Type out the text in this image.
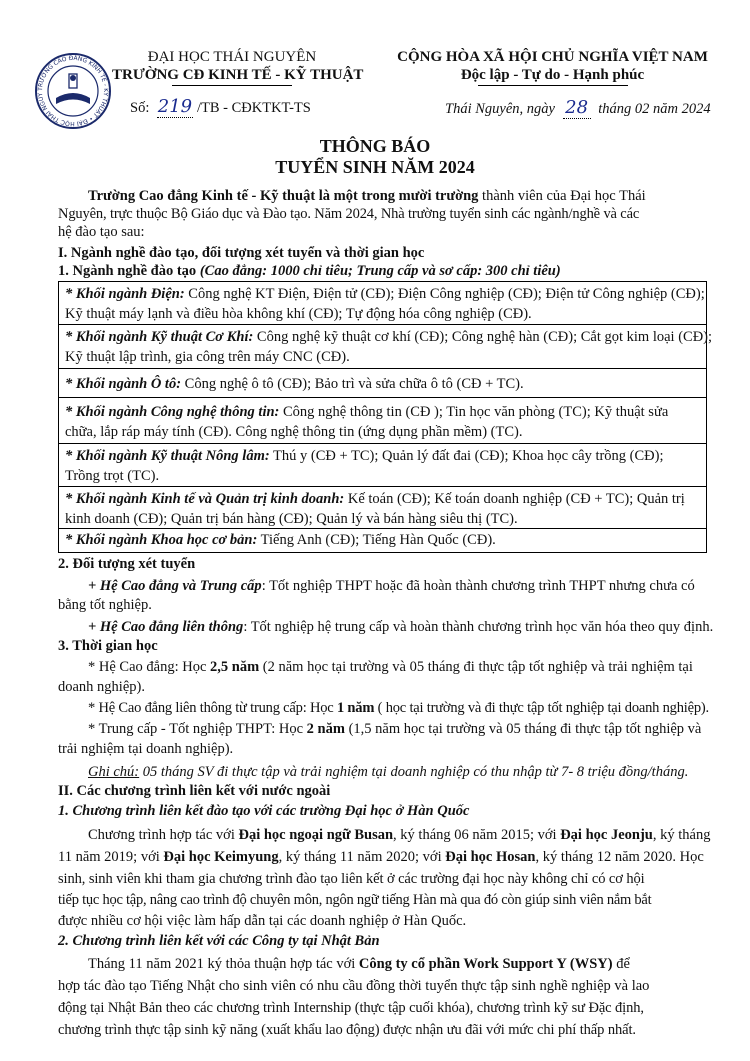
TRƯỜNG CAO ĐẲNG KINH TẾ - KỸ THUẬT • ĐẠI HỌC THÁI NGUY
ĐẠI HỌC THÁI NGUYÊN
TRƯỜNG CĐ KINH TẾ - KỸ THUẬT
Số: 219 /TB - CĐKTKT-TS
CỘNG HÒA XÃ HỘI CHỦ NGHĨA VIỆT NAM
Độc lập - Tự do - Hạnh phúc
Thái Nguyên, ngày 28 tháng 02 năm 2024
THÔNG BÁO
TUYỂN SINH NĂM 2024

Trường Cao đẳng Kinh tế - Kỹ thuật là một trong mười trường thành viên của Đại học Thái

Nguyên, trực thuộc Bộ Giáo dục và Đào tạo. Năm 2024, Nhà trường tuyển sinh các ngành/nghề và các

hệ đào tạo sau:

I. Ngành nghề đào tạo, đối tượng xét tuyển và thời gian học

1. Ngành nghề đào tạo (Cao đẳng: 1000 chỉ tiêu; Trung cấp và sơ cấp: 300 chỉ tiêu)

* Khối ngành Điện: Công nghệ KT Điện, Điện tử (CĐ); Điện Công nghiệp (CĐ); Điện tử Công nghiệp (CĐ);
Kỹ thuật máy lạnh và điều hòa không khí (CĐ); Tự động hóa công nghiệp (CĐ).
* Khối ngành Kỹ thuật Cơ Khí: Công nghệ kỹ thuật cơ khí (CĐ); Công nghệ hàn (CĐ); Cắt gọt kim loại (CĐ);
Kỹ thuật lập trình, gia công trên máy CNC (CĐ).
* Khối ngành Ô tô: Công nghệ ô tô (CĐ); Bảo trì và sửa chữa ô tô (CĐ + TC).
* Khối ngành Công nghệ thông tin: Công nghệ thông tin (CĐ ); Tin học văn phòng (TC); Kỹ thuật sửa
chữa, lắp ráp máy tính (CĐ). Công nghệ thông tin (ứng dụng phần mềm) (TC).
* Khối ngành Kỹ thuật Nông lâm: Thú y (CĐ + TC); Quản lý đất đai (CĐ); Khoa học cây trồng (CĐ);
Trồng trọt (TC).
* Khối ngành Kinh tế và Quản trị kinh doanh: Kế toán (CĐ); Kế toán doanh nghiệp (CĐ + TC); Quản trị
kinh doanh (CĐ); Quản trị bán hàng (CĐ); Quản lý và bán hàng siêu thị (TC).
* Khối ngành Khoa học cơ bản: Tiếng Anh (CĐ); Tiếng Hàn Quốc (CĐ).

2. Đối tượng xét tuyển

+ Hệ Cao đẳng và Trung cấp: Tốt nghiệp THPT hoặc đã hoàn thành chương trình THPT nhưng chưa có

bằng tốt nghiệp.

+ Hệ Cao đẳng liên thông: Tốt nghiệp hệ trung cấp và hoàn thành chương trình học văn hóa theo quy định.

3. Thời gian học

* Hệ Cao đẳng: Học 2,5 năm (2 năm học tại trường và 05 tháng đi thực tập tốt nghiệp và trải nghiệm tại

doanh nghiệp).

* Hệ Cao đẳng liên thông từ trung cấp: Học 1 năm ( học tại trường và đi thực tập tốt nghiệp tại doanh nghiệp).

* Trung cấp - Tốt nghiệp THPT: Học 2 năm (1,5 năm học tại trường và 05 tháng đi thực tập tốt nghiệp và

trải nghiệm tại doanh nghiệp).

Ghi chú: 05 tháng SV đi thực tập và trải nghiệm tại doanh nghiệp có thu nhập từ 7- 8 triệu đồng/tháng.

II. Các chương trình liên kết với nước ngoài

1. Chương trình liên kết đào tạo với các trường Đại học ở Hàn Quốc

Chương trình hợp tác với Đại học ngoại ngữ Busan, ký tháng 06 năm 2015; với Đại học Jeonju, ký tháng

11 năm 2019; với Đại học Keimyung, ký tháng 11 năm 2020; với Đại học Hosan, ký tháng 12 năm 2020. Học

sinh, sinh viên khi tham gia chương trình đào tạo liên kết ở các trường đại học này không chỉ có cơ hội

tiếp tục học tập, nâng cao trình độ chuyên môn, ngôn ngữ tiếng Hàn mà qua đó còn giúp sinh viên nắm bắt

được nhiều cơ hội việc làm hấp dẫn tại các doanh nghiệp ở Hàn Quốc.

2. Chương trình liên kết với các Công ty tại Nhật Bản

Tháng 11 năm 2021 ký thỏa thuận hợp tác với Công ty cổ phần Work Support Y (WSY) để

hợp tác đào tạo Tiếng Nhật cho sinh viên có nhu cầu đồng thời tuyển thực tập sinh nghề nghiệp và lao

động tại Nhật Bản theo các chương trình Internship (thực tập cuối khóa), chương trình kỹ sư Đặc định,

chương trình thực tập sinh kỹ năng (xuất khẩu lao động) được nhận ưu đãi với mức chi phí thấp nhất.
